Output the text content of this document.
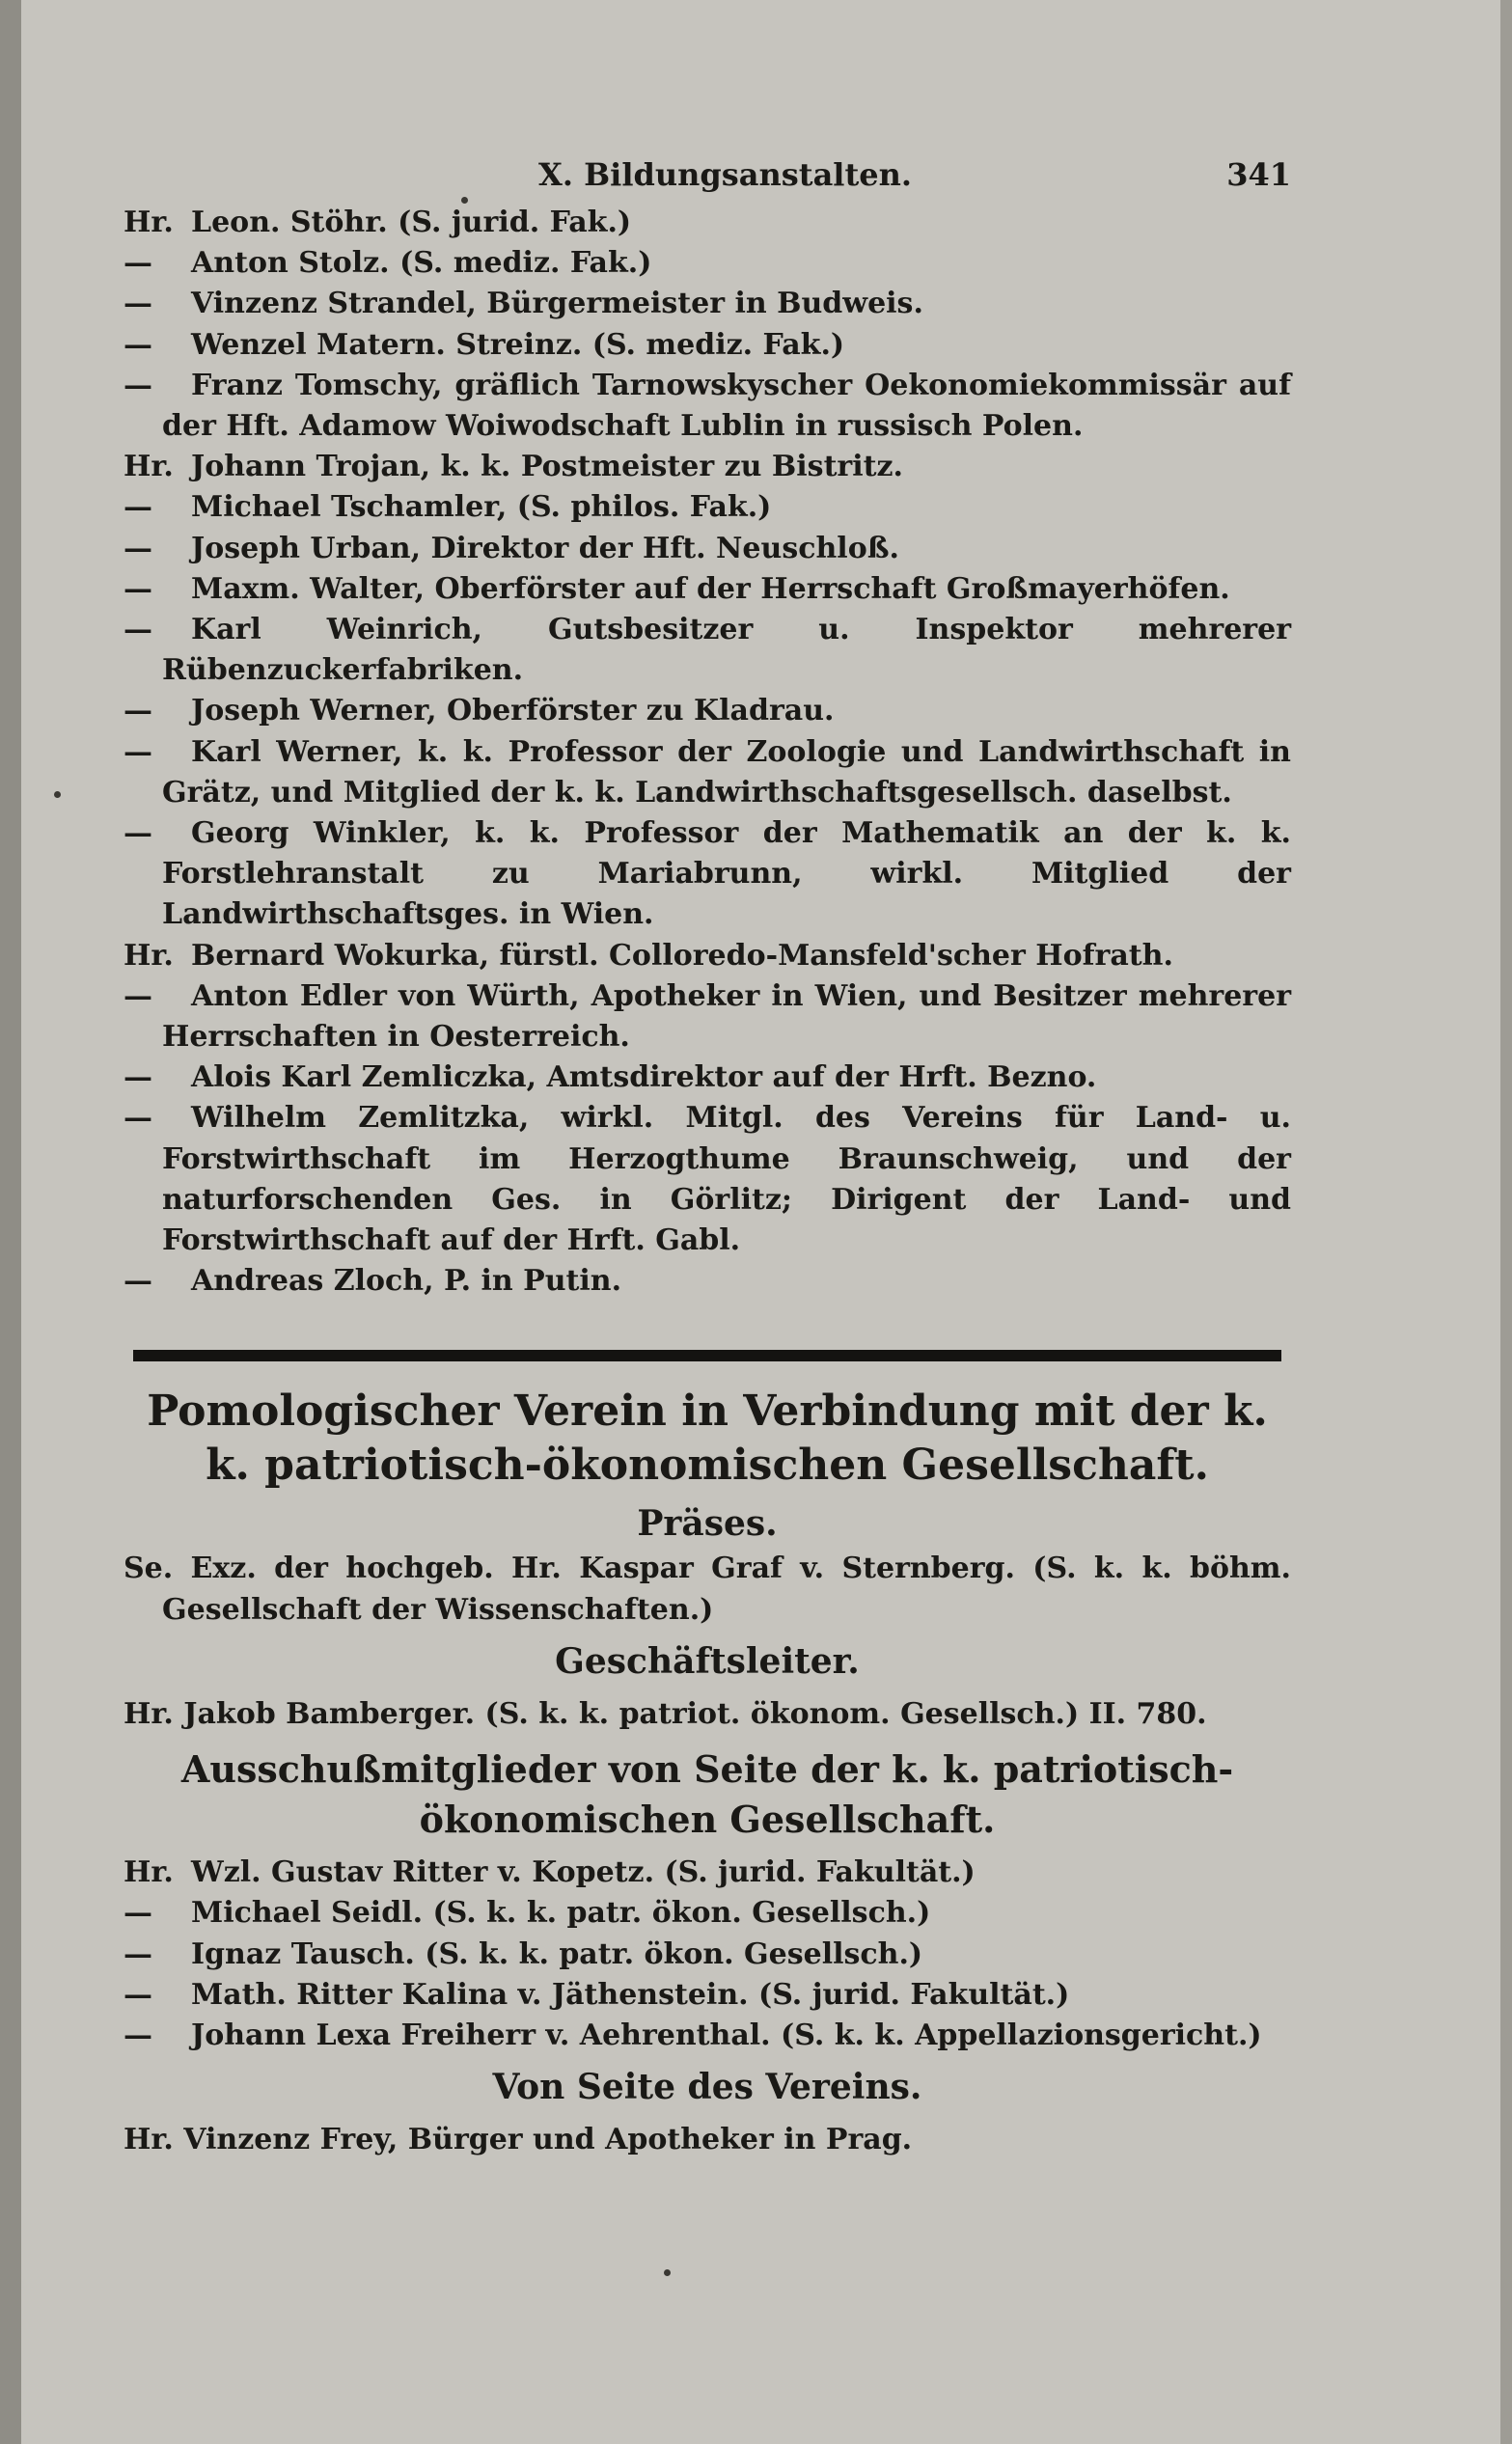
X. Bildungsanstalten.	341
Hr. Leon. Stöhr. (S. jurid. Fak.)
— Anton Stolz. (S. mediz. Fak.)
— Vinzenz Strandel, Bürgermeister in Budweis.
— Wenzel Matern. Streinz. (S. mediz. Fak.)
— Franz Tomschy, gräflich Tarnowskyscher Oekonomiekommissär auf der Hft. Adamow Woiwodschaft Lublin in russisch Polen.
Hr. Johann Trojan, k. k. Postmeister zu Bistritz.
— Michael Tschamler, (S. philos. Fak.)
— Joseph Urban, Direktor der Hft. Neuschloß.
— Maxm. Walter, Oberförster auf der Herrschaft Großmayerhöfen.
— Karl Weinrich, Gutsbesitzer u. Inspektor mehrerer Rübenzuckerfabriken.
— Joseph Werner, Oberförster zu Kladrau.
— Karl Werner, k. k. Professor der Zoologie und Landwirthschaft in Grätz, und Mitglied der k. k. Landwirthschaftsgesellsch. daselbst.
— Georg Winkler, k. k. Professor der Mathematik an der k. k. Forstlehranstalt zu Mariabrunn, wirkl. Mitglied der Landwirthschaftsges. in Wien.
Hr. Bernard Wokurka, fürstl. Colloredo-Mansfeld'scher Hofrath.
— Anton Edler von Würth, Apotheker in Wien, und Besitzer mehrerer Herrschaften in Oesterreich.
— Alois Karl Zemliczka, Amtsdirektor auf der Hrft. Bezno.
— Wilhelm Zemlitzka, wirkl. Mitgl. des Vereins für Land- u. Forstwirthschaft im Herzogthume Braunschweig, und der naturforschenden Ges. in Görlitz; Dirigent der Land- und Forstwirthschaft auf der Hrft. Gabl.
— Andreas Zloch, P. in Putin.
Pomologischer Verein in Verbindung mit der k. k. patriotisch-ökonomischen Gesellschaft.
Präses.
Se. Exz. der hochgeb. Hr. Kaspar Graf v. Sternberg. (S. k. k. böhm. Gesellschaft der Wissenschaften.)
Geschäftsleiter.
Hr. Jakob Bamberger. (S. k. k. patriot. ökonom. Gesellsch.) II. 780.
Ausschußmitglieder von Seite der k. k. patriotisch-ökonomischen Gesellschaft.
Hr. Wzl. Gustav Ritter v. Kopetz. (S. jurid. Fakultät.)
— Michael Seidl. (S. k. k. patr. ökon. Gesellsch.)
— Ignaz Tausch. (S. k. k. patr. ökon. Gesellsch.)
— Math. Ritter Kalina v. Jäthenstein. (S. jurid. Fakultät.)
— Johann Lexa Freiherr v. Aehrenthal. (S. k. k. Appellazionsgericht.)
Von Seite des Vereins.
Hr. Vinzenz Frey, Bürger und Apotheker in Prag.
